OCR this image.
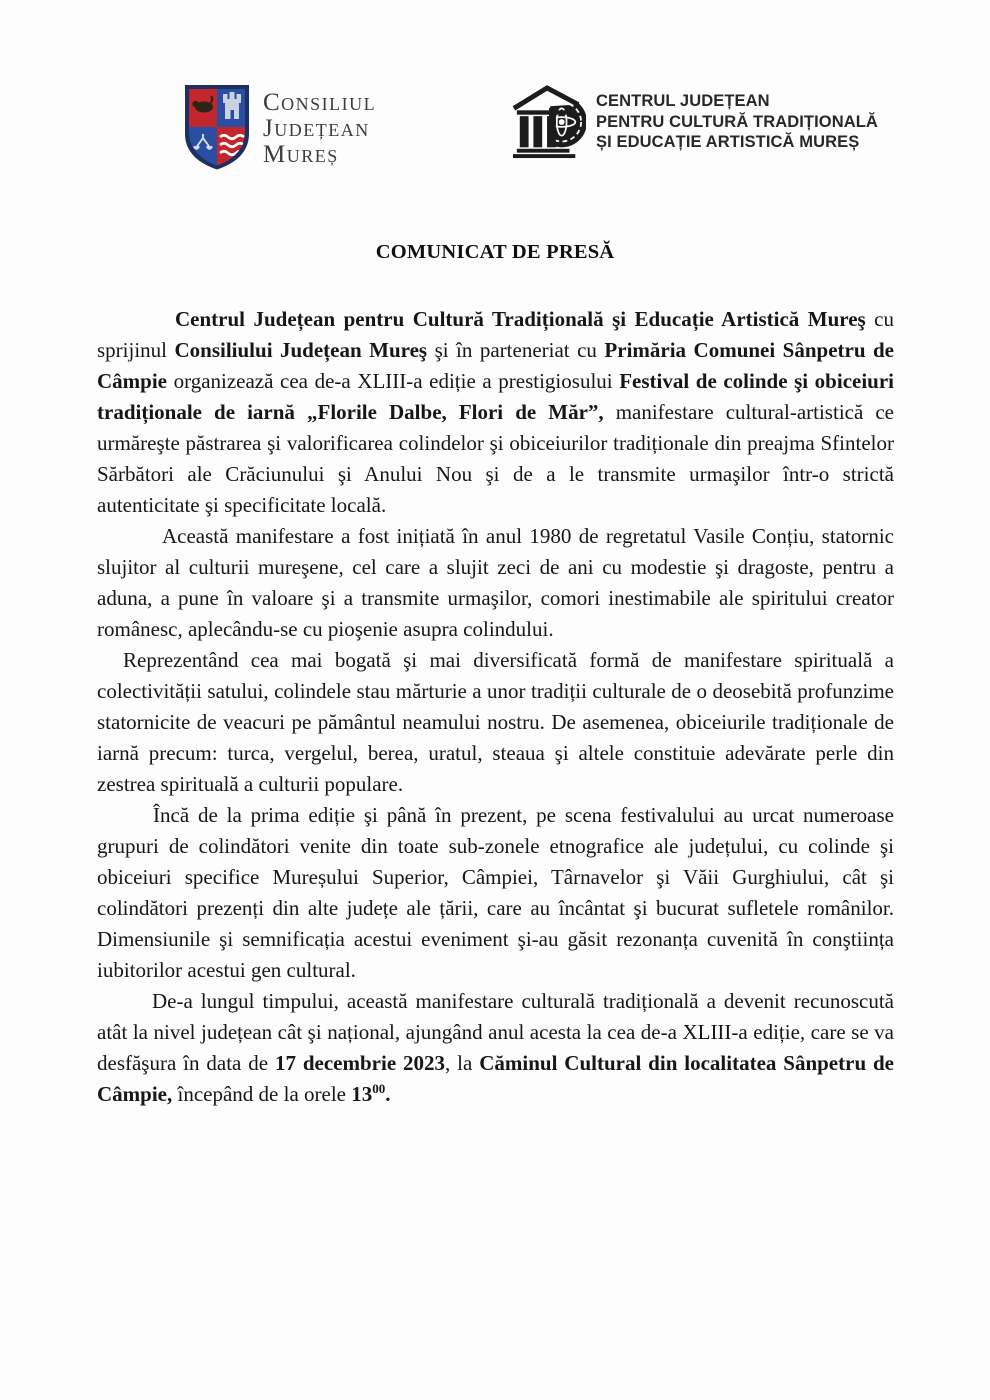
Consiliul
Județean
Mureș
CENTRUL JUDEȚEAN
PENTRU CULTURĂ TRADIȚIONALĂ
ȘI EDUCAȚIE ARTISTICĂ MUREȘ
COMUNICAT DE PRESĂ

Centrul Județean pentru Cultură Tradițională şi Educație Artistică Mureş cu sprijinul Consiliului Județean Mureş şi în parteneriat cu Primăria Comunei Sânpetru de Câmpie organizează cea de-a XLIII-a ediție a prestigiosului Festival de colinde şi obiceiuri tradiționale de iarnă „Florile Dalbe, Flori de Măr”, manifestare cultural-artistică ce urmăreşte păstrarea şi valorificarea colindelor şi obiceiurilor tradiționale din preajma Sfintelor Sărbători ale Crăciunului şi Anului Nou şi de a le transmite urmaşilor într-o strictă autenticitate şi specificitate locală.

Această manifestare a fost inițiată în anul 1980 de regretatul Vasile Conțiu, statornic slujitor al culturii mureşene, cel care a slujit zeci de ani cu modestie şi dragoste, pentru a aduna, a pune în valoare şi a transmite urmaşilor, comori inestimabile ale spiritului creator românesc, aplecându-se cu pioşenie asupra colindului.

Reprezentând cea mai bogată şi mai diversificată formă de manifestare spirituală a colectivității satului, colindele stau mărturie a unor tradiții culturale de o deosebită profunzime statornicite de veacuri pe pământul neamului nostru. De asemenea, obiceiurile tradiționale de iarnă precum: turca, vergelul, berea, uratul, steaua şi altele constituie adevărate perle din zestrea spirituală a culturii populare.

Încă de la prima ediție şi până în prezent, pe scena festivalului au urcat numeroase grupuri de colindători venite din toate sub-zonele etnografice ale județului, cu colinde şi obiceiuri specifice Mureșului Superior, Câmpiei, Târnavelor şi Văii Gurghiului, cât şi colindători prezenți din alte județe ale țării, care au încântat şi bucurat sufletele românilor. Dimensiunile şi semnificația acestui eveniment şi-au găsit rezonanța cuvenită în conştiința iubitorilor acestui gen cultural.

De-a lungul timpului, această manifestare culturală tradițională a devenit recunoscută atât la nivel județean cât şi național, ajungând anul acesta la cea de-a XLIII-a ediție, care se va desfăşura în data de 17 decembrie 2023, la Căminul Cultural din localitatea Sânpetru de Câmpie, începând de la orele $13^{00}$.
